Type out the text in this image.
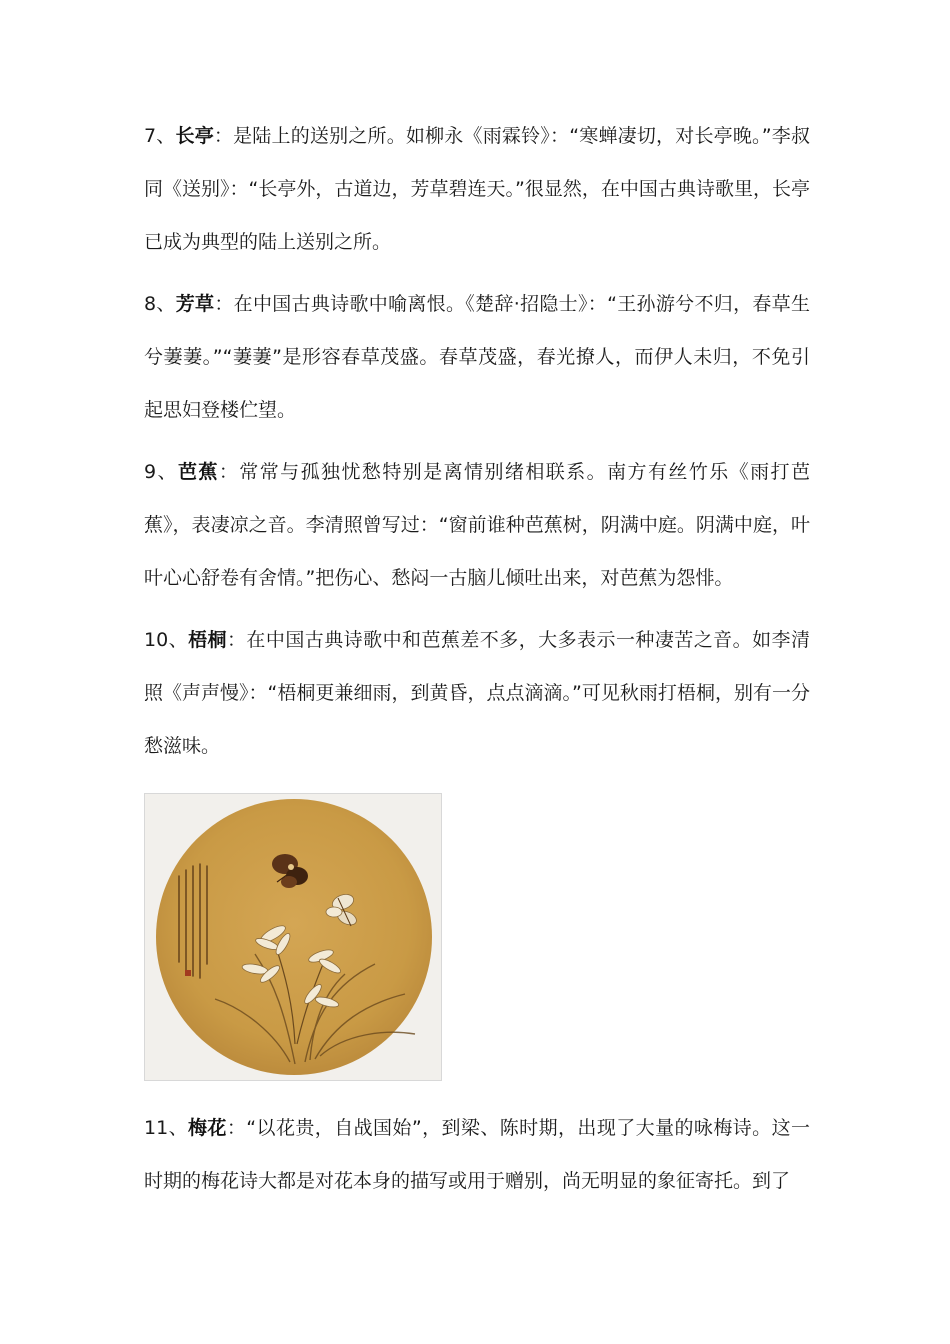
7、长亭：是陆上的送别之所。如柳永《雨霖铃》：“寒蝉凄切，对长亭晚。”李叔同《送别》：“长亭外，古道边，芳草碧连天。”很显然，在中国古典诗歌里，长亭已成为典型的陆上送别之所。

8、芳草：在中国古典诗歌中喻离恨。《楚辞·招隐士》：“王孙游兮不归，春草生兮萋萋。”“萋萋”是形容春草茂盛。春草茂盛，春光撩人，而伊人未归，不免引起思妇登楼伫望。

9、芭蕉：常常与孤独忧愁特别是离情别绪相联系。南方有丝竹乐《雨打芭蕉》，表凄凉之音。李清照曾写过：“窗前谁种芭蕉树，阴满中庭。阴满中庭，叶叶心心舒卷有舍情。”把伤心、愁闷一古脑儿倾吐出来，对芭蕉为怨悱。

10、梧桐：在中国古典诗歌中和芭蕉差不多，大多表示一种凄苦之音。如李清照《声声慢》：“梧桐更兼细雨，到黄昏，点点滴滴。”可见秋雨打梧桐，别有一分愁滋味。

11、梅花：“以花贵，自战国始”，到梁、陈时期，出现了大量的咏梅诗。这一时期的梅花诗大都是对花本身的描写或用于赠别，尚无明显的象征寄托。到了
